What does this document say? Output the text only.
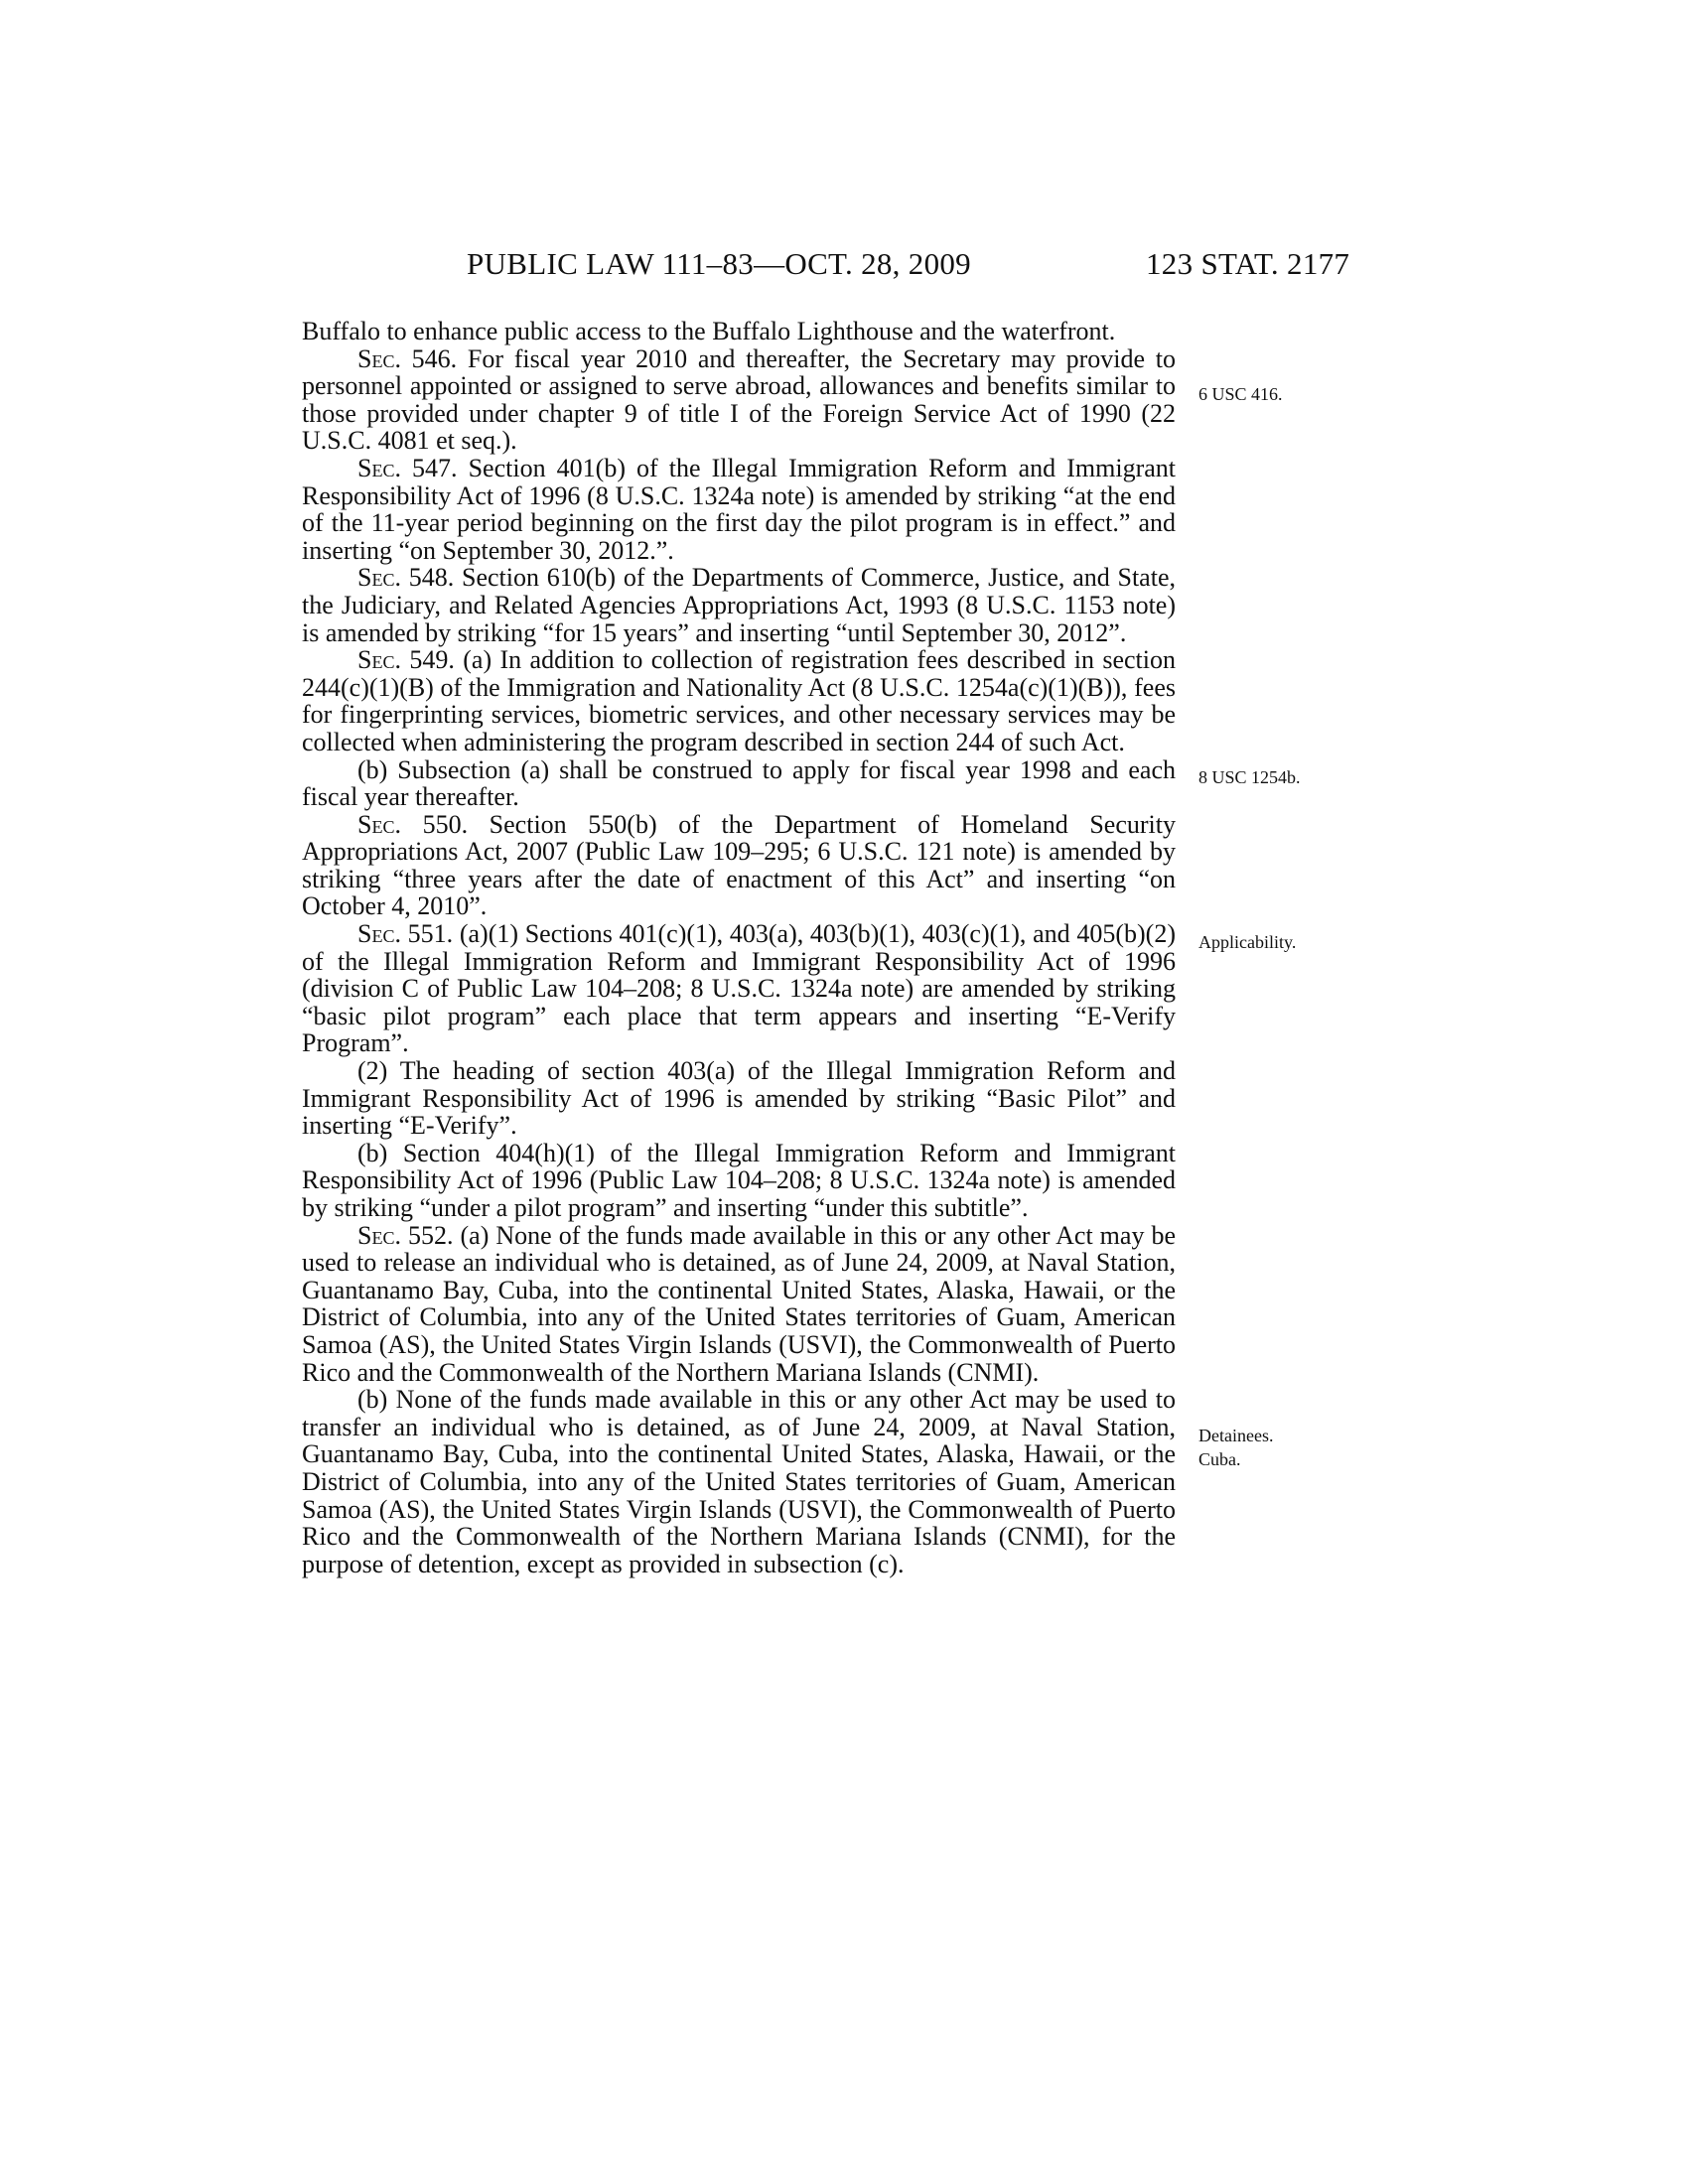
PUBLIC LAW 111–83—OCT. 28, 2009	123 STAT. 2177

Buffalo to enhance public access to the Buffalo Lighthouse and the waterfront.

Sec. 546. For fiscal year 2010 and thereafter, the Secretary may provide to personnel appointed or assigned to serve abroad, allowances and benefits similar to those provided under chapter 9 of title I of the Foreign Service Act of 1990 (22 U.S.C. 4081 et seq.).

Sec. 547. Section 401(b) of the Illegal Immigration Reform and Immigrant Responsibility Act of 1996 (8 U.S.C. 1324a note) is amended by striking “at the end of the 11-year period beginning on the first day the pilot program is in effect.” and inserting “on September 30, 2012.”.

Sec. 548. Section 610(b) of the Departments of Commerce, Justice, and State, the Judiciary, and Related Agencies Appropriations Act, 1993 (8 U.S.C. 1153 note) is amended by striking “for 15 years” and inserting “until September 30, 2012”.

Sec. 549. (a) In addition to collection of registration fees described in section 244(c)(1)(B) of the Immigration and Nationality Act (8 U.S.C. 1254a(c)(1)(B)), fees for fingerprinting services, biometric services, and other necessary services may be collected when administering the program described in section 244 of such Act.

(b) Subsection (a) shall be construed to apply for fiscal year 1998 and each fiscal year thereafter.

Sec. 550. Section 550(b) of the Department of Homeland Security Appropriations Act, 2007 (Public Law 109–295; 6 U.S.C. 121 note) is amended by striking “three years after the date of enactment of this Act” and inserting “on October 4, 2010”.

Sec. 551. (a)(1) Sections 401(c)(1), 403(a), 403(b)(1), 403(c)(1), and 405(b)(2) of the Illegal Immigration Reform and Immigrant Responsibility Act of 1996 (division C of Public Law 104–208; 8 U.S.C. 1324a note) are amended by striking “basic pilot program” each place that term appears and inserting “E-Verify Program”.

(2) The heading of section 403(a) of the Illegal Immigration Reform and Immigrant Responsibility Act of 1996 is amended by striking “Basic Pilot” and inserting “E-Verify”.

(b) Section 404(h)(1) of the Illegal Immigration Reform and Immigrant Responsibility Act of 1996 (Public Law 104–208; 8 U.S.C. 1324a note) is amended by striking “under a pilot program” and inserting “under this subtitle”.

Sec. 552. (a) None of the funds made available in this or any other Act may be used to release an individual who is detained, as of June 24, 2009, at Naval Station, Guantanamo Bay, Cuba, into the continental United States, Alaska, Hawaii, or the District of Columbia, into any of the United States territories of Guam, American Samoa (AS), the United States Virgin Islands (USVI), the Commonwealth of Puerto Rico and the Commonwealth of the Northern Mariana Islands (CNMI).

(b) None of the funds made available in this or any other Act may be used to transfer an individual who is detained, as of June 24, 2009, at Naval Station, Guantanamo Bay, Cuba, into the continental United States, Alaska, Hawaii, or the District of Columbia, into any of the United States territories of Guam, American Samoa (AS), the United States Virgin Islands (USVI), the Commonwealth of Puerto Rico and the Commonwealth of the Northern Mariana Islands (CNMI), for the purpose of detention, except as provided in subsection (c).

6 USC 416.
8 USC 1254b.
Applicability.
Detainees.
Cuba.
